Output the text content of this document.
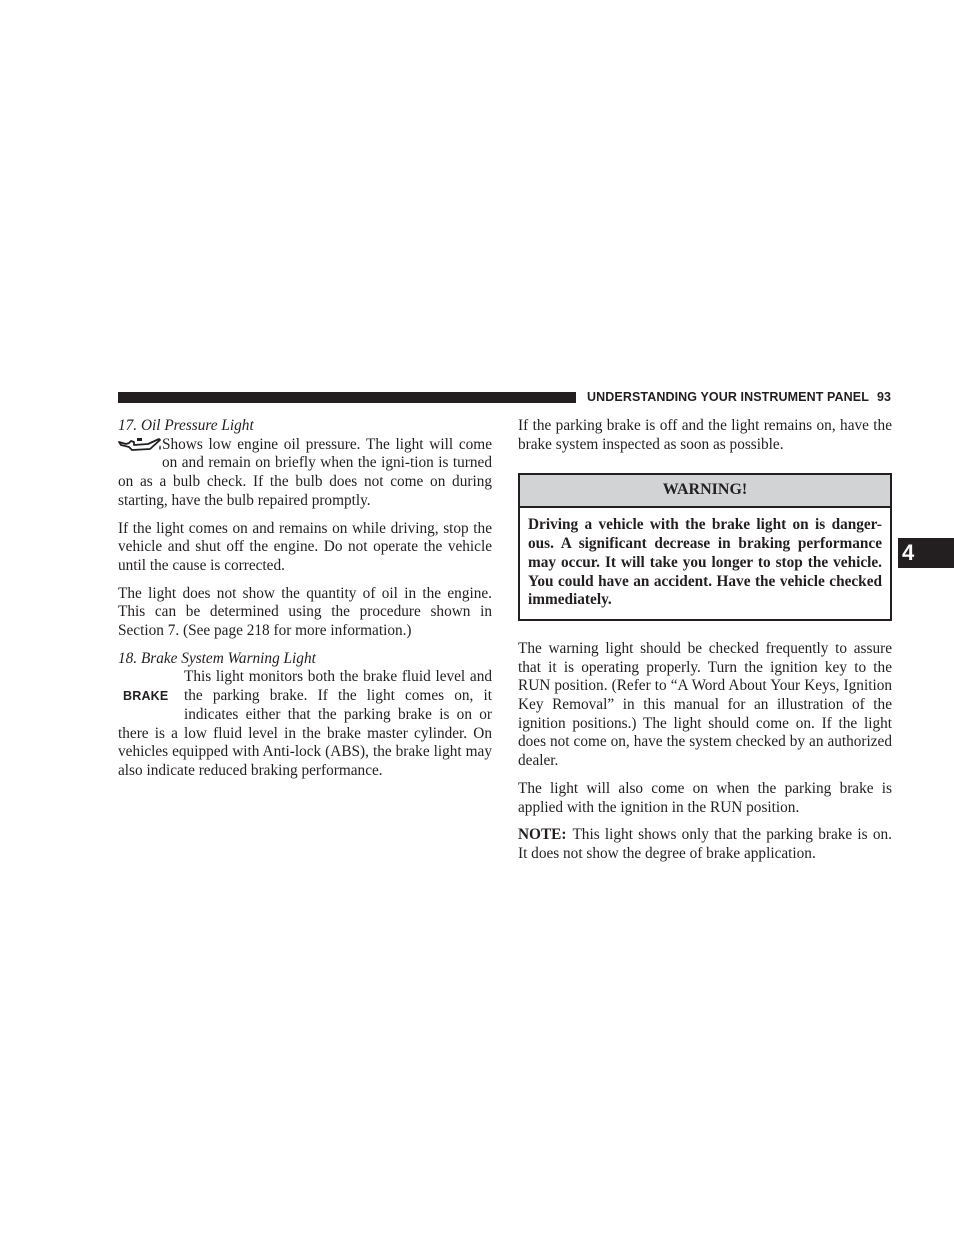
UNDERSTANDING YOUR INSTRUMENT PANEL 93
4

17. Oil Pressure Light

Shows low engine oil pressure. The light will come on and remain on briefly when the igni-tion is turned on as a bulb check. If the bulb does not come on during starting, have the bulb repaired promptly.

If the light comes on and remains on while driving, stop the vehicle and shut off the engine. Do not operate the vehicle until the cause is corrected.

The light does not show the quantity of oil in the engine. This can be determined using the procedure shown in Section 7. (See page 218 for more information.)

18. Brake System Warning Light

BRAKE

This light monitors both the brake fluid level and the parking brake. If the light comes on, it indicates either that the parking brake is on or there is a low fluid level in the brake master cylinder. On vehicles equipped with Anti-lock (ABS), the brake light may also indicate reduced braking performance.

If the parking brake is off and the light remains on, have the brake system inspected as soon as possible.

WARNING!
Driving a vehicle with the brake light on is danger-ous. A significant decrease in braking performance may occur. It will take you longer to stop the vehicle. You could have an accident. Have the vehicle checked immediately.

The warning light should be checked frequently to assure that it is operating properly. Turn the ignition key to the RUN position. (Refer to “A Word About Your Keys, Ignition Key Removal” in this manual for an illustration of the ignition positions.) The light should come on. If the light does not come on, have the system checked by an authorized dealer.

The light will also come on when the parking brake is applied with the ignition in the RUN position.

NOTE: This light shows only that the parking brake is on. It does not show the degree of brake application.
